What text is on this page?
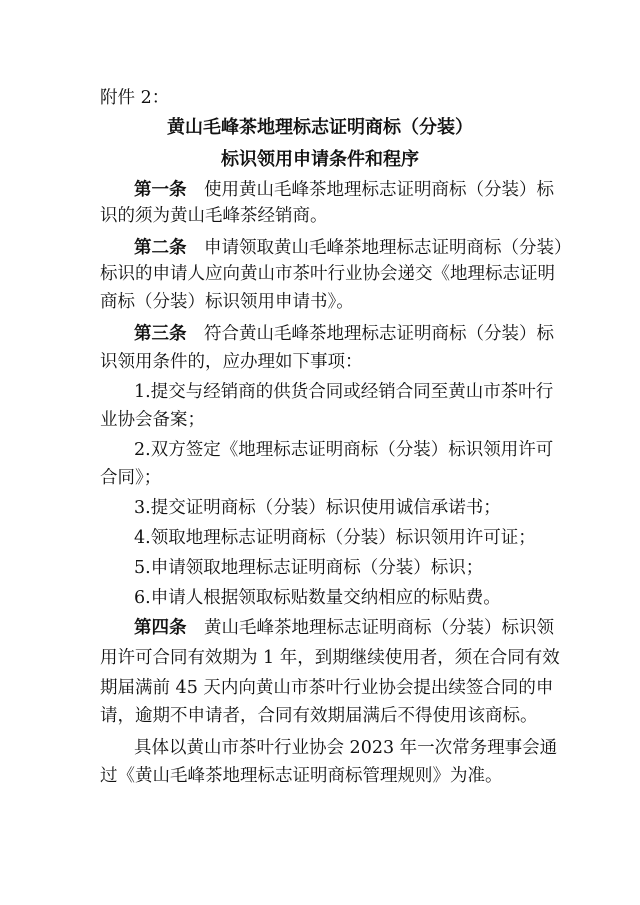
附件 2：
黄山毛峰茶地理标志证明商标（分装）
标识领用申请条件和程序
第一条　 使用黄山毛峰茶地理标志证明商标（分装）标
识的须为黄山毛峰茶经销商。
第二条　 申请领取黄山毛峰茶地理标志证明商标（分装）
标识的申请人应向黄山市茶叶行业协会递交《地理标志证明
商标（分装）标识领用申请书》。
第三条　 符合黄山毛峰茶地理标志证明商标（分装）标
识领用条件的，应办理如下事项：
1.提交与经销商的供货合同或经销合同至黄山市茶叶行
业协会备案；
2.双方签定《地理标志证明商标（分装）标识领用许可
合同》；
3.提交证明商标（分装）标识使用诚信承诺书；
4.领取地理标志证明商标（分装）标识领用许可证；
5.申请领取地理标志证明商标（分装）标识；
6.申请人根据领取标贴数量交纳相应的标贴费。
第四条　 黄山毛峰茶地理标志证明商标（分装）标识领
用许可合同有效期为 1 年，到期继续使用者，须在合同有效
期届满前 45 天内向黄山市茶叶行业协会提出续签合同的申
请，逾期不申请者，合同有效期届满后不得使用该商标。
具体以黄山市茶叶行业协会 2023 年一次常务理事会通
过《黄山毛峰茶地理标志证明商标管理规则》为准。
